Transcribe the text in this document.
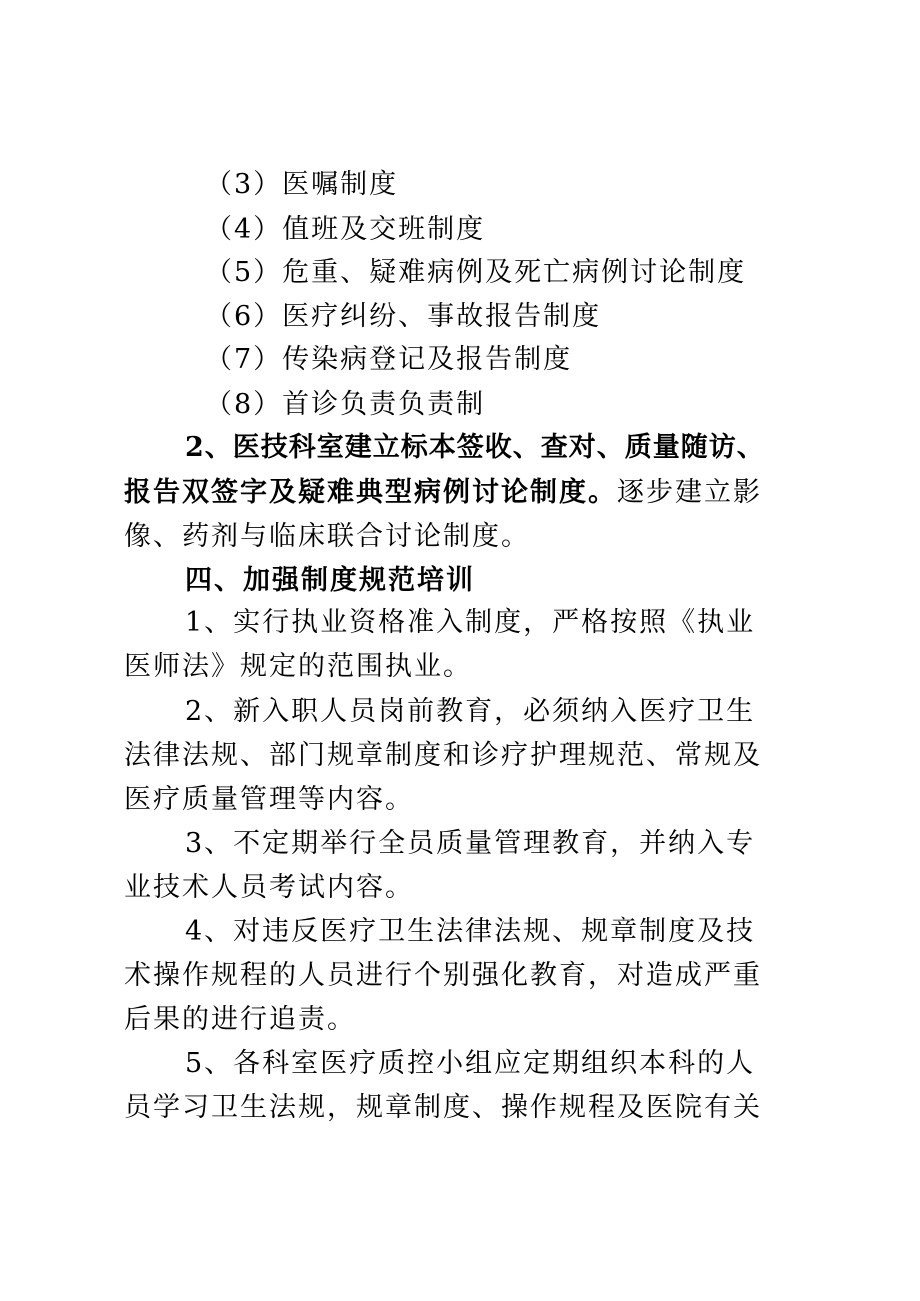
（3）医嘱制度
（4）值班及交班制度
（5）危重、疑难病例及死亡病例讨论制度
（6）医疗纠纷、事故报告制度
（7）传染病登记及报告制度
（8）首诊负责负责制
2、医技科室建立标本签收、查对、质量随访、
报告双签字及疑难典型病例讨论制度。逐步建立影
像、药剂与临床联合讨论制度。
四、加强制度规范培训
1、实行执业资格准入制度，严格按照《执业
医师法》规定的范围执业。
2、新入职人员岗前教育，必须纳入医疗卫生
法律法规、部门规章制度和诊疗护理规范、常规及
医疗质量管理等内容。
3、不定期举行全员质量管理教育，并纳入专
业技术人员考试内容。
4、对违反医疗卫生法律法规、规章制度及技
术操作规程的人员进行个别强化教育，对造成严重
后果的进行追责。
5、各科室医疗质控小组应定期组织本科的人
员学习卫生法规，规章制度、操作规程及医院有关
